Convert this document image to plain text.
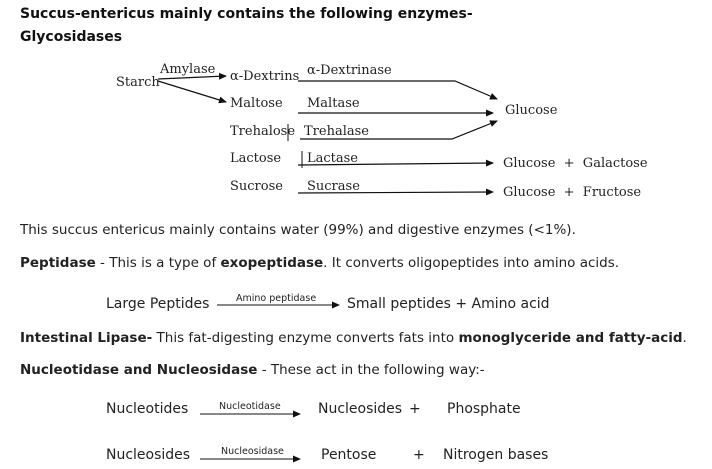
Succus-entericus mainly contains the following enzymes-
Glycosidases
Starch
Amylase α-Dextrins α-Dextrinase
Maltose Maltase
Trehalose Trehalase
Lactose Lactase
Sucrose Sucrase
Glucose
Glucose  +  Galactose
Glucose  +  Fructose
This succus entericus mainly contains water (99%) and digestive enzymes (<1%).
Peptidase - This is a type of exopeptidase. It converts oligopeptides into amino acids.
Large Peptides	Amino peptidase Small peptides + Amino acid
Intestinal Lipase- This fat-digesting enzyme converts fats into monoglyceride and fatty-acid.
Nucleotidase and Nucleosidase - These act in the following way:-
Nucleotides	Nucleotidase	Nucleosides + Phosphate
Nucleosides	Nucleosidase	Pentose	+ Nitrogen bases
